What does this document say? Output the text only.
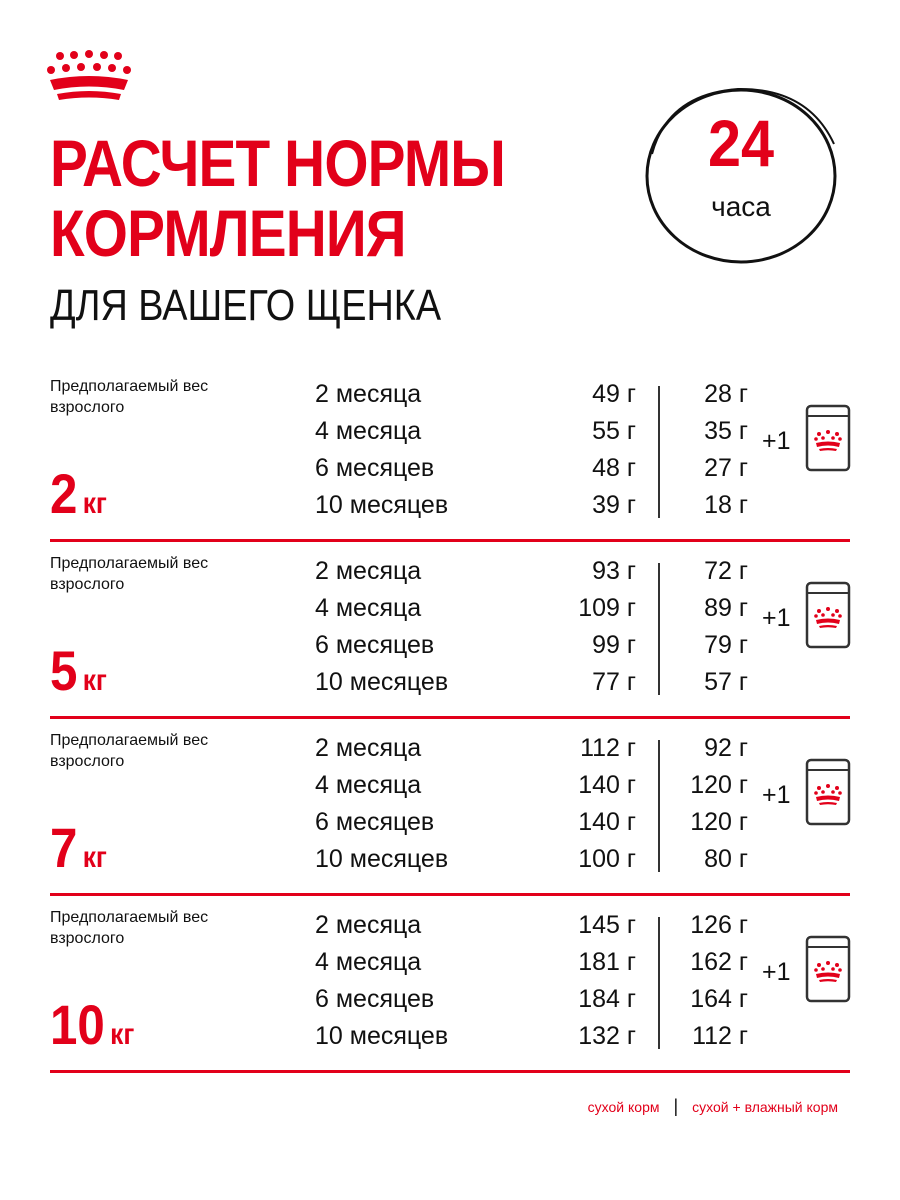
РАСЧЕТ НОРМЫ
КОРМЛЕНИЯ
ДЛЯ ВАШЕГО ЩЕНКА
24
часа
Предполагаемый вес взрослого
2 кг
2 месяца
4 месяца
6 месяцев
10 месяцев
49 г
55 г
48 г
39 г
28 г
35 г
27 г
18 г
+1
Предполагаемый вес взрослого
5 кг
2 месяца
4 месяца
6 месяцев
10 месяцев
93 г
109 г
99 г
77 г
72 г
89 г
79 г
57 г
+1
Предполагаемый вес взрослого
7 кг
2 месяца
4 месяца
6 месяцев
10 месяцев
112 г
140 г
140 г
100 г
92 г
120 г
120 г
80 г
+1
Предполагаемый вес взрослого
10 кг
2 месяца
4 месяца
6 месяцев
10 месяцев
145 г
181 г
184 г
132 г
126 г
162 г
164 г
112 г
+1
сухой корм | сухой + влажный корм
